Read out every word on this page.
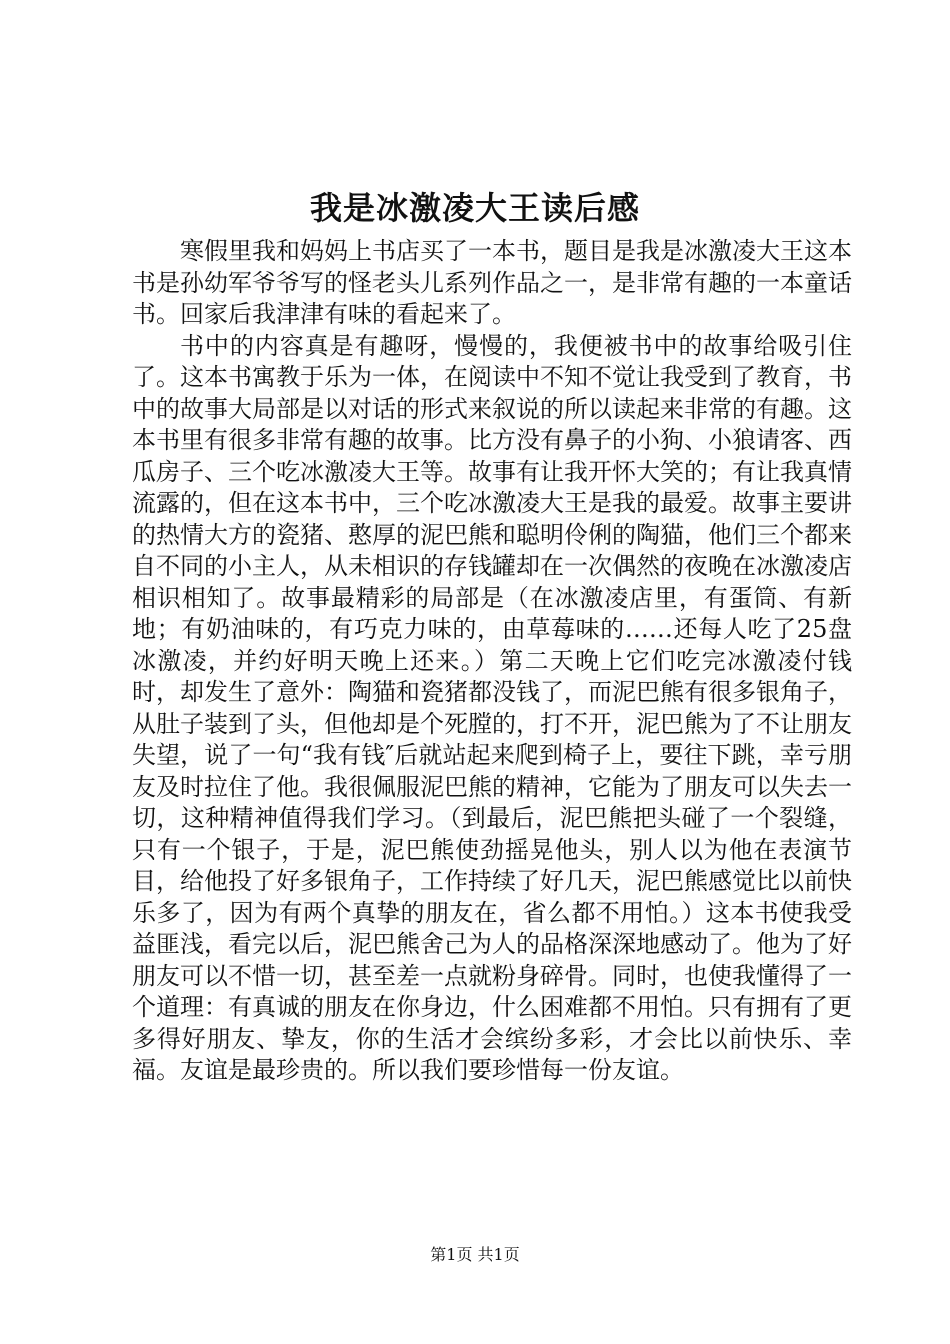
我是冰激凌大王读后感

寒假里我和妈妈上书店买了一本书，题目是我是冰激凌大王这本书是孙幼军爷爷写的怪老头儿系列作品之一，是非常有趣的一本童话书。回家后我津津有味的看起来了。

书中的内容真是有趣呀，慢慢的，我便被书中的故事给吸引住了。这本书寓教于乐为一体，在阅读中不知不觉让我受到了教育，书中的故事大局部是以对话的形式来叙说的所以读起来非常的有趣。这本书里有很多非常有趣的故事。比方没有鼻子的小狗、小狼请客、西瓜房子、三个吃冰激凌大王等。故事有让我开怀大笑的；有让我真情流露的，但在这本书中，三个吃冰激凌大王是我的最爱。故事主要讲的热情大方的瓷猪、憨厚的泥巴熊和聪明伶俐的陶猫，他们三个都来自不同的小主人，从未相识的存钱罐却在一次偶然的夜晚在冰激凌店相识相知了。故事最精彩的局部是（在冰激凌店里，有蛋筒、有新地；有奶油味的，有巧克力味的，由草莓味的……还每人吃了25盘冰激凌，并约好明天晚上还来。）第二天晚上它们吃完冰激凌付钱时，却发生了意外：陶猫和瓷猪都没钱了，而泥巴熊有很多银角子，从肚子装到了头，但他却是个死膛的，打不开，泥巴熊为了不让朋友失望，说了一句“我有钱″后就站起来爬到椅子上，要往下跳，幸亏朋友及时拉住了他。我很佩服泥巴熊的精神，它能为了朋友可以失去一切，这种精神值得我们学习。（到最后，泥巴熊把头碰了一个裂缝，只有一个银子，于是，泥巴熊使劲摇晃他头，别人以为他在表演节目，给他投了好多银角子，工作持续了好几天，泥巴熊感觉比以前快乐多了，因为有两个真挚的朋友在，省么都不用怕。）这本书使我受益匪浅，看完以后，泥巴熊舍己为人的品格深深地感动了。他为了好朋友可以不惜一切，甚至差一点就粉身碎骨。同时，也使我懂得了一个道理：有真诚的朋友在你身边，什么困难都不用怕。只有拥有了更多得好朋友、挚友，你的生活才会缤纷多彩，才会比以前快乐、幸福。友谊是最珍贵的。所以我们要珍惜每一份友谊。

第1页 共1页
